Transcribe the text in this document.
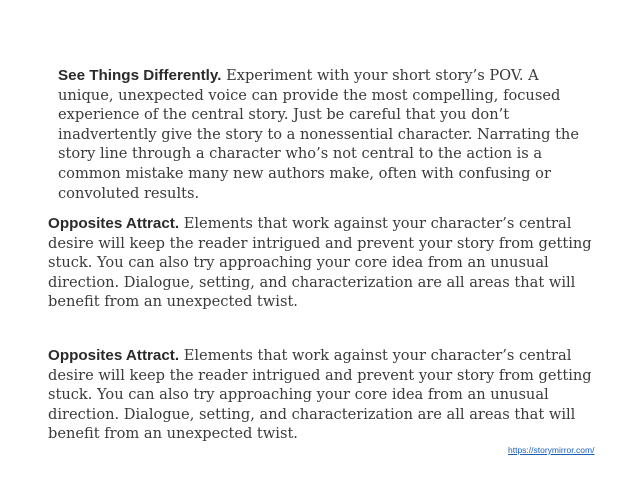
See Things Differently. Experiment with your short story’s POV. A unique, unexpected voice can provide the most compelling, focused experience of the central story. Just be careful that you don’t inadvertently give the story to a nonessential character. Narrating the story line through a character who’s not central to the action is a common mistake many new authors make, often with confusing or convoluted results.

Opposites Attract. Elements that work against your character’s central desire will keep the reader intrigued and prevent your story from getting stuck. You can also try approaching your core idea from an unusual direction. Dialogue, setting, and characterization are all areas that will benefit from an unexpected twist.

Opposites Attract. Elements that work against your character’s central desire will keep the reader intrigued and prevent your story from getting stuck. You can also try approaching your core idea from an unusual direction. Dialogue, setting, and characterization are all areas that will benefit from an unexpected twist.

https://storymirror.com/
